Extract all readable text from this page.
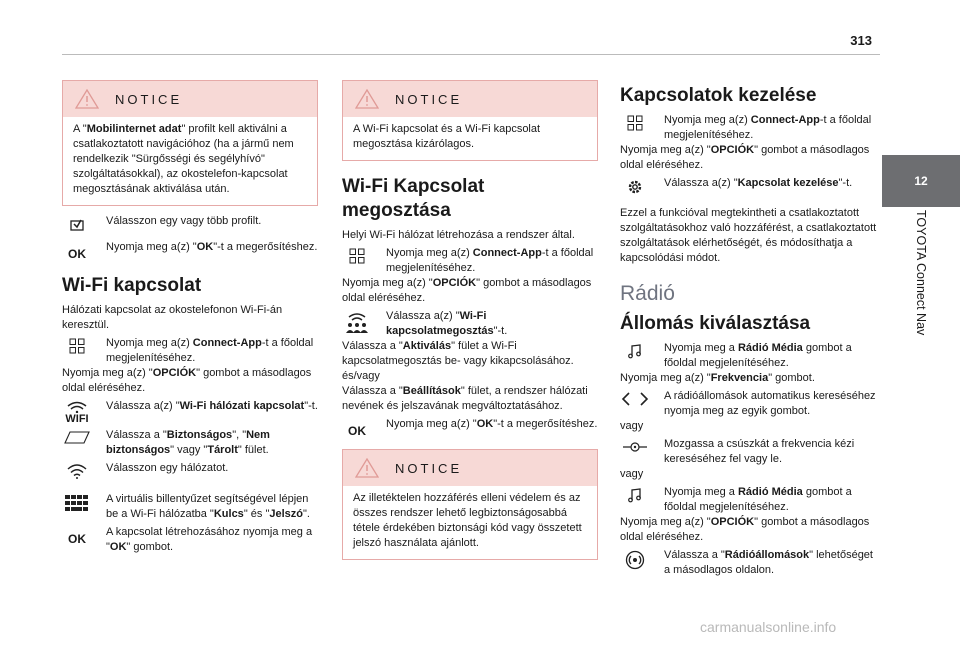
313
12
TOYOTA Connect Nav
NOTICE

A "Mobilinternet adat" profilt kell aktiválni a csatlakoztatott navigációhoz (ha a jármű nem rendelkezik "Sürgősségi és segélyhívó" szolgáltatásokkal), az okostelefon-kapcsolat megosztásának aktiválása után.

Válasszon egy vagy több profilt.
OK	Nyomja meg a(z) "OK"-t a megerősítéshez.
Wi-Fi kapcsolat

Hálózati kapcsolat az okostelefonon Wi-Fi-án keresztül.

Nyomja meg a(z) Connect-App-t a főoldal megjelenítéséhez.

Nyomja meg a(z) "OPCIÓK" gombot a másodlagos oldal eléréséhez.

WIFI
Válassza a(z) "Wi-Fi hálózati kapcsolat"-t.
Válassza a "Biztonságos", "Nem biztonságos" vagy "Tárolt" fület.
Válasszon egy hálózatot.
A virtuális billentyűzet segítségével lépjen be a Wi-Fi hálózatba "Kulcs" és "Jelszó".
OK	A kapcsolat létrehozásához nyomja meg a "OK" gombot.
NOTICE
A Wi-Fi kapcsolat és a Wi-Fi kapcsolat megosztása kizárólagos.
Wi-Fi Kapcsolat megosztása

Helyi Wi-Fi hálózat létrehozása a rendszer által.

Nyomja meg a(z) Connect-App-t a főoldal megjelenítéséhez.

Nyomja meg a(z) "OPCIÓK" gombot a másodlagos oldal eléréséhez.

Válassza a(z) "Wi-Fi kapcsolatmegosztás"-t.

Válassza a "Aktiválás" fület a Wi-Fi kapcsolatmegosztás be- vagy kikapcsolásához.

és/vagy

Válassza a "Beállítások" fület, a rendszer hálózati nevének és jelszavának megváltoztatásához.

OK	Nyomja meg a(z) "OK"-t a megerősítéshez.
NOTICE
Az illetéktelen hozzáférés elleni védelem és az összes rendszer lehető legbiztonságosabbá tétele érdekében biztonsági kód vagy összetett jelszó használata ajánlott.
Kapcsolatok kezelése
Nyomja meg a(z) Connect-App-t a főoldal megjelenítéséhez.

Nyomja meg a(z) "OPCIÓK" gombot a másodlagos oldal eléréséhez.

Válassza a(z) "Kapcsolat kezelése"-t.

Ezzel a funkcióval megtekintheti a csatlakoztatott szolgáltatásokhoz való hozzáférést, a csatlakoztatott szolgáltatások elérhetőségét, és módosíthatja a kapcsolódási módot.

Rádió
Állomás kiválasztása
Nyomja meg a Rádió Média gombot a főoldal megjelenítéséhez.

Nyomja meg a(z) "Frekvencia" gombot.

A rádióállomások automatikus kereséséhez nyomja meg az egyik gombot.

vagy

Mozgassa a csúszkát a frekvencia kézi kereséséhez fel vagy le.

vagy

Nyomja meg a Rádió Média gombot a főoldal megjelenítéséhez.

Nyomja meg a(z) "OPCIÓK" gombot a másodlagos oldal eléréséhez.

Válassza a "Rádióállomások" lehetőséget a másodlagos oldalon.
carmanualsonline.info
